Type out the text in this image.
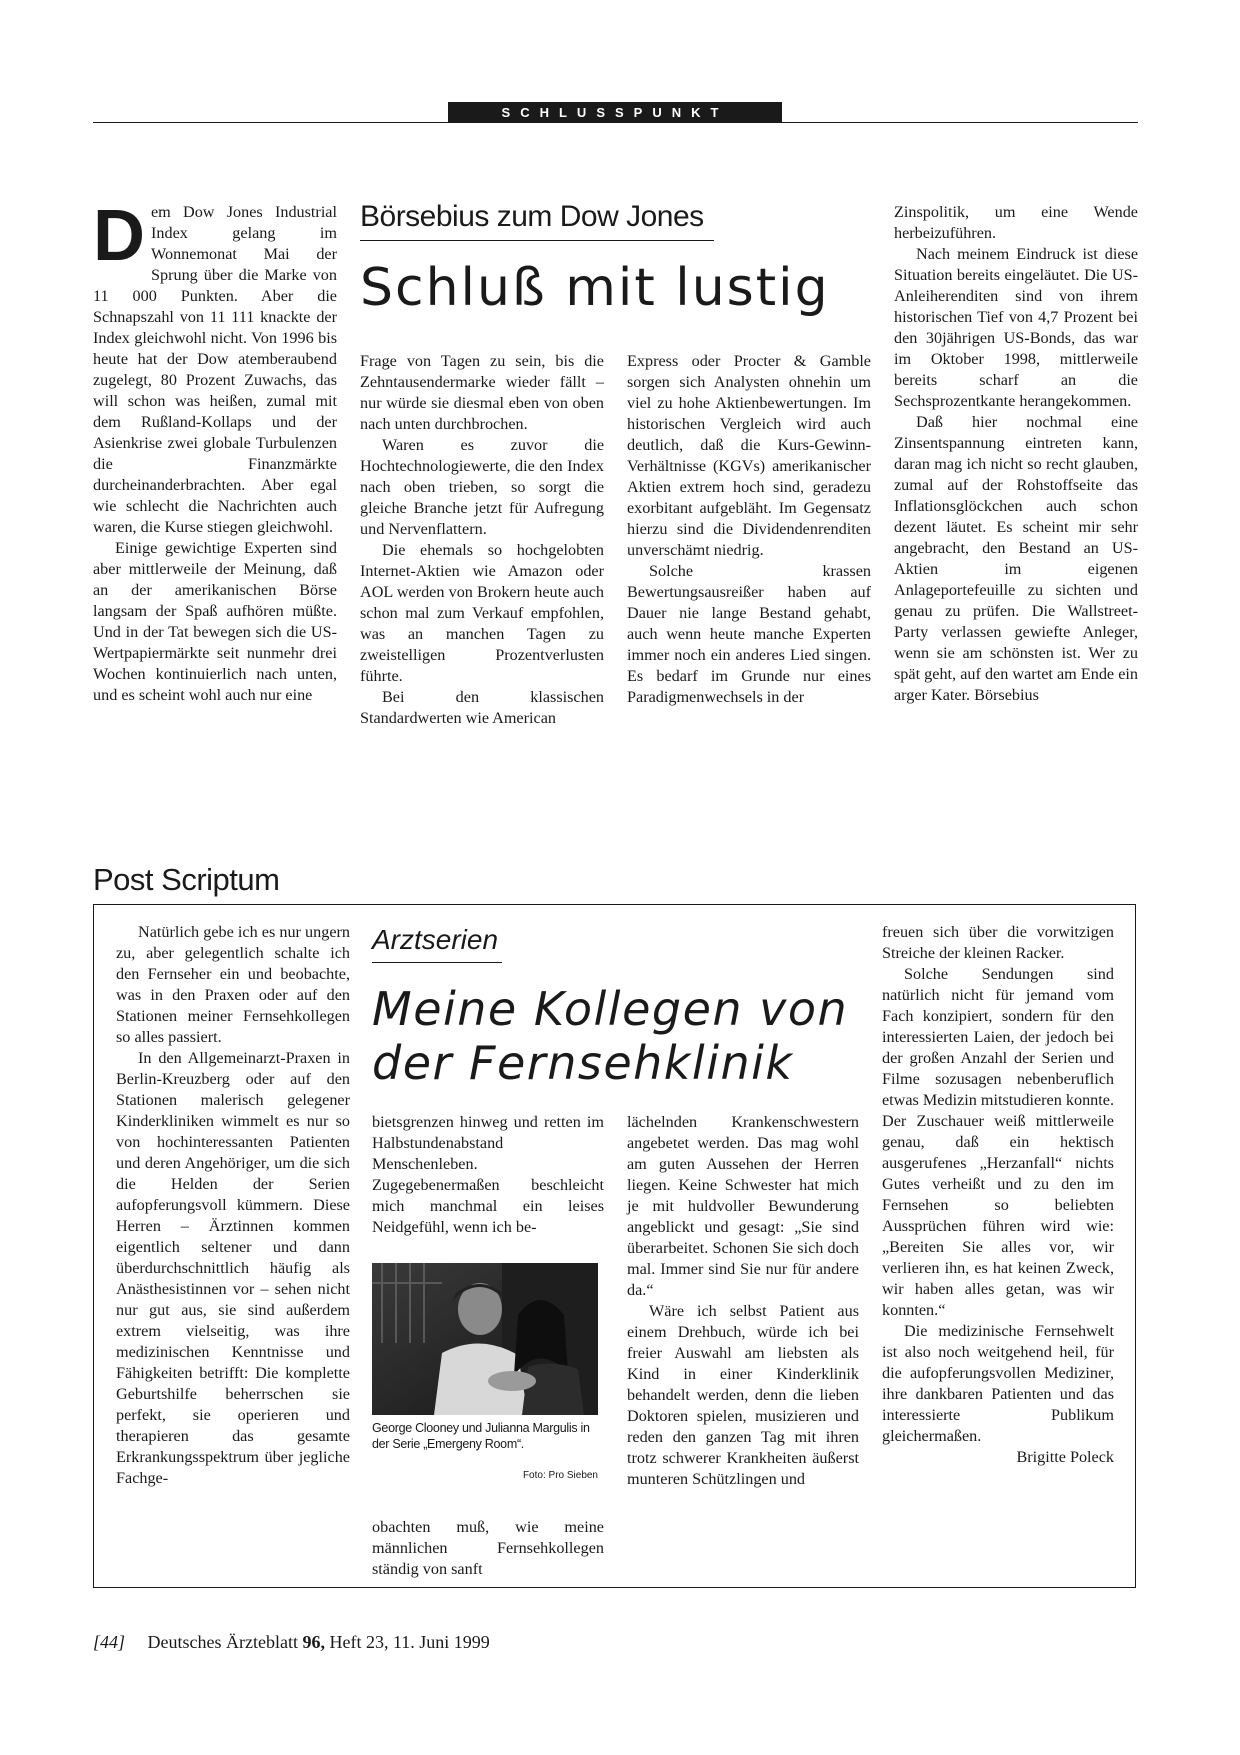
SCHLUSSPUNKT
Börsebius zum Dow Jones
Schluß mit lustig

Dem Dow Jones Industrial Index gelang im Wonnemonat Mai der Sprung über die Marke von 11 000 Punkten. Aber die Schnapszahl von 11 111 knackte der Index gleichwohl nicht. Von 1996 bis heute hat der Dow atemberaubend zugelegt, 80 Prozent Zuwachs, das will schon was heißen, zumal mit dem Rußland-Kollaps und der Asienkrise zwei globale Turbulenzen die Finanzmärkte durcheinanderbrachten. Aber egal wie schlecht die Nachrichten auch waren, die Kurse stiegen gleichwohl.

Einige gewichtige Experten sind aber mittlerweile der Meinung, daß an der amerikanischen Börse langsam der Spaß aufhören müßte. Und in der Tat bewegen sich die US-Wertpapiermärkte seit nunmehr drei Wochen kontinuierlich nach unten, und es scheint wohl auch nur eine

Frage von Tagen zu sein, bis die Zehntausendermarke wieder fällt – nur würde sie diesmal eben von oben nach unten durchbrochen.

Waren es zuvor die Hochtechnologiewerte, die den Index nach oben trieben, so sorgt die gleiche Branche jetzt für Aufregung und Nervenflattern.

Die ehemals so hochgelobten Internet-Aktien wie Amazon oder AOL werden von Brokern heute auch schon mal zum Verkauf empfohlen, was an manchen Tagen zu zweistelligen Prozentverlusten führte.

Bei den klassischen Standardwerten wie American

Express oder Procter & Gamble sorgen sich Analysten ohnehin um viel zu hohe Aktienbewertungen. Im historischen Vergleich wird auch deutlich, daß die Kurs-Gewinn-Verhältnisse (KGVs) amerikanischer Aktien extrem hoch sind, geradezu exorbitant aufgebläht. Im Gegensatz hierzu sind die Dividendenrenditen unverschämt niedrig.

Solche krassen Bewertungsausreißer haben auf Dauer nie lange Bestand gehabt, auch wenn heute manche Experten immer noch ein anderes Lied singen. Es bedarf im Grunde nur eines Paradigmenwechsels in der

Zinspolitik, um eine Wende herbeizuführen.

Nach meinem Eindruck ist diese Situation bereits eingeläutet. Die US-Anleiherenditen sind von ihrem historischen Tief von 4,7 Prozent bei den 30jährigen US-Bonds, das war im Oktober 1998, mittlerweile bereits scharf an die Sechsprozentkante herangekommen.

Daß hier nochmal eine Zinsentspannung eintreten kann, daran mag ich nicht so recht glauben, zumal auf der Rohstoffseite das Inflationsglöckchen auch schon dezent läutet. Es scheint mir sehr angebracht, den Bestand an US-Aktien im eigenen Anlageportefeuille zu sichten und genau zu prüfen. Die Wallstreet-Party verlassen gewiefte Anleger, wenn sie am schönsten ist. Wer zu spät geht, auf den wartet am Ende ein arger Kater. Börsebius

Post Scriptum
Arztserien
Meine Kollegen von
der Fernsehklinik

Natürlich gebe ich es nur ungern zu, aber gelegentlich schalte ich den Fernseher ein und beobachte, was in den Praxen oder auf den Stationen meiner Fernsehkollegen so alles passiert.

In den Allgemeinarzt-Praxen in Berlin-Kreuzberg oder auf den Stationen malerisch gelegener Kinderkliniken wimmelt es nur so von hochinteressanten Patienten und deren Angehöriger, um die sich die Helden der Serien aufopferungsvoll kümmern. Diese Herren – Ärztinnen kommen eigentlich seltener und dann überdurchschnittlich häufig als Anästhesistinnen vor – sehen nicht nur gut aus, sie sind außerdem extrem vielseitig, was ihre medizinischen Kenntnisse und Fähigkeiten betrifft: Die komplette Geburtshilfe beherrschen sie perfekt, sie operieren und therapieren das gesamte Erkrankungsspektrum über jegliche Fachge-

bietsgrenzen hinweg und retten im Halbstundenabstand Menschenleben. Zugegebenermaßen beschleicht mich manchmal ein leises Neidgefühl, wenn ich be-

George Clooney und Julianna Margulis in der Serie „Emergeny Room“.
Foto: Pro Sieben

obachten muß, wie meine männlichen Fernsehkollegen ständig von sanft

lächelnden Krankenschwestern angebetet werden. Das mag wohl am guten Aussehen der Herren liegen. Keine Schwester hat mich je mit huldvoller Bewunderung angeblickt und gesagt: „Sie sind überarbeitet. Schonen Sie sich doch mal. Immer sind Sie nur für andere da.“

Wäre ich selbst Patient aus einem Drehbuch, würde ich bei freier Auswahl am liebsten als Kind in einer Kinderklinik behandelt werden, denn die lieben Doktoren spielen, musizieren und reden den ganzen Tag mit ihren trotz schwerer Krankheiten äußerst munteren Schützlingen und

freuen sich über die vorwitzigen Streiche der kleinen Racker.

Solche Sendungen sind natürlich nicht für jemand vom Fach konzipiert, sondern für den interessierten Laien, der jedoch bei der großen Anzahl der Serien und Filme sozusagen nebenberuflich etwas Medizin mitstudieren konnte. Der Zuschauer weiß mittlerweile genau, daß ein hektisch ausgerufenes „Herzanfall“ nichts Gutes verheißt und zu den im Fernsehen so beliebten Aussprüchen führen wird wie: „Bereiten Sie alles vor, wir verlieren ihn, es hat keinen Zweck, wir haben alles getan, was wir konnten.“

Die medizinische Fernsehwelt ist also noch weitgehend heil, für die aufopferungsvollen Mediziner, ihre dankbaren Patienten und das interessierte Publikum gleichermaßen.

Brigitte Poleck

[44] Deutsches Ärzteblatt 96, Heft 23, 11. Juni 1999
